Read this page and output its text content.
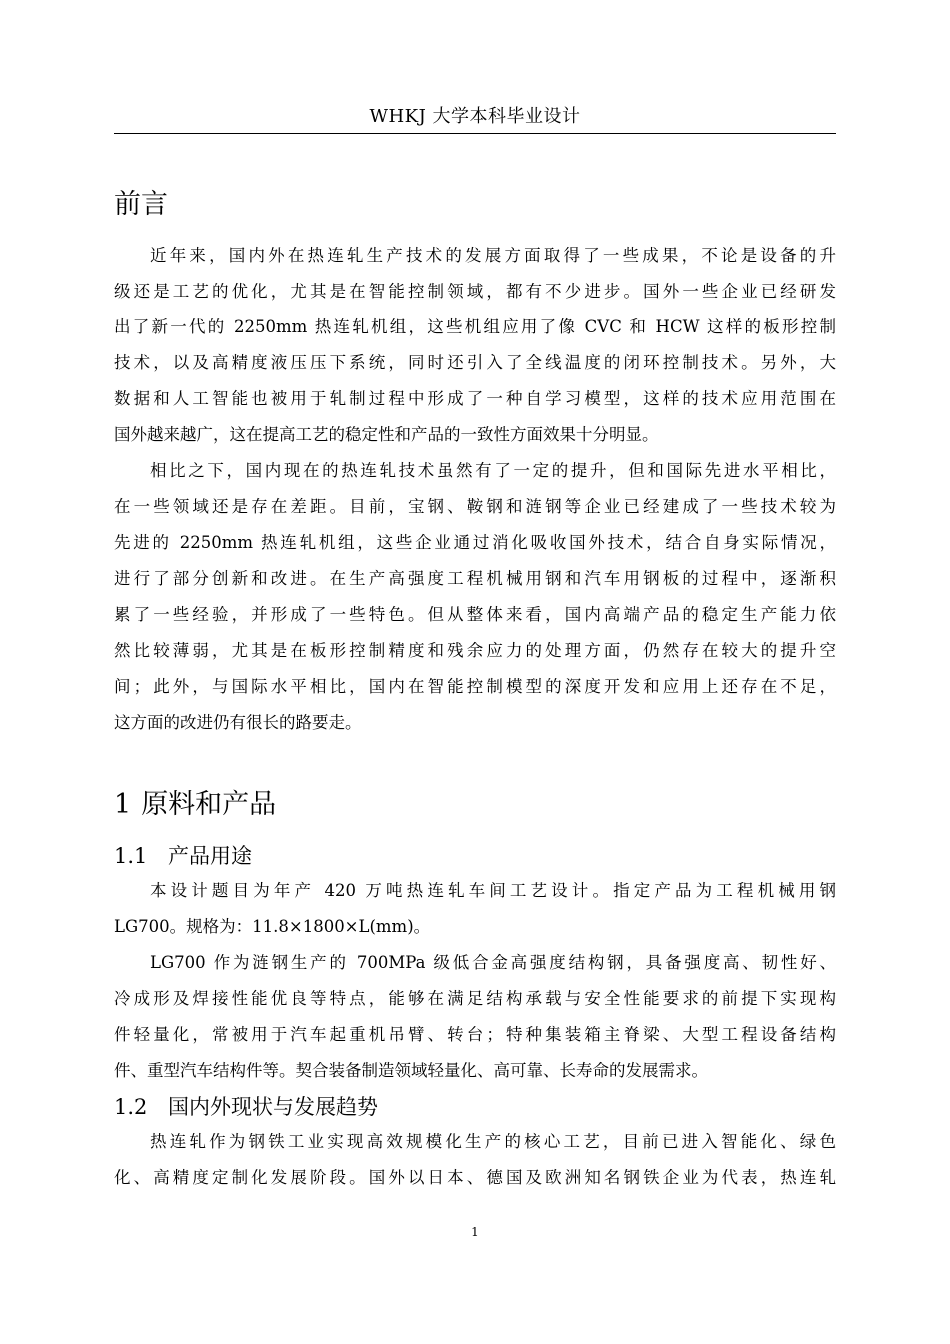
WHKJ 大学本科毕业设计
前言
近年来，国内外在热连轧生产技术的发展方面取得了一些成果，不论是设备的升
级还是工艺的优化，尤其是在智能控制领域，都有不少进步。国外一些企业已经研发
出了新一代的 2250mm 热连轧机组，这些机组应用了像 CVC 和 HCW 这样的板形控制
技术，以及高精度液压压下系统，同时还引入了全线温度的闭环控制技术。另外，大
数据和人工智能也被用于轧制过程中形成了一种自学习模型，这样的技术应用范围在
国外越来越广，这在提高工艺的稳定性和产品的一致性方面效果十分明显。
相比之下，国内现在的热连轧技术虽然有了一定的提升，但和国际先进水平相比，
在一些领域还是存在差距。目前，宝钢、鞍钢和涟钢等企业已经建成了一些技术较为
先进的 2250mm 热连轧机组，这些企业通过消化吸收国外技术，结合自身实际情况，
进行了部分创新和改进。在生产高强度工程机械用钢和汽车用钢板的过程中，逐渐积
累了一些经验，并形成了一些特色。但从整体来看，国内高端产品的稳定生产能力依
然比较薄弱，尤其是在板形控制精度和残余应力的处理方面，仍然存在较大的提升空
间；此外，与国际水平相比，国内在智能控制模型的深度开发和应用上还存在不足，
这方面的改进仍有很长的路要走。
1 原料和产品
1.1 产品用途
本设计题目为年产 420 万吨热连轧车间工艺设计。指定产品为工程机械用钢
LG700。规格为：11.8×1800×L(mm)。
LG700 作为涟钢生产的 700MPa 级低合金高强度结构钢，具备强度高、韧性好、
冷成形及焊接性能优良等特点，能够在满足结构承载与安全性能要求的前提下实现构
件轻量化，常被用于汽车起重机吊臂、转台；特种集装箱主脊梁、大型工程设备结构
件、重型汽车结构件等。契合装备制造领域轻量化、高可靠、长寿命的发展需求。
1.2 国内外现状与发展趋势
热连轧作为钢铁工业实现高效规模化生产的核心工艺，目前已进入智能化、绿色
化、高精度定制化发展阶段。国外以日本、德国及欧洲知名钢铁企业为代表，热连轧
1
